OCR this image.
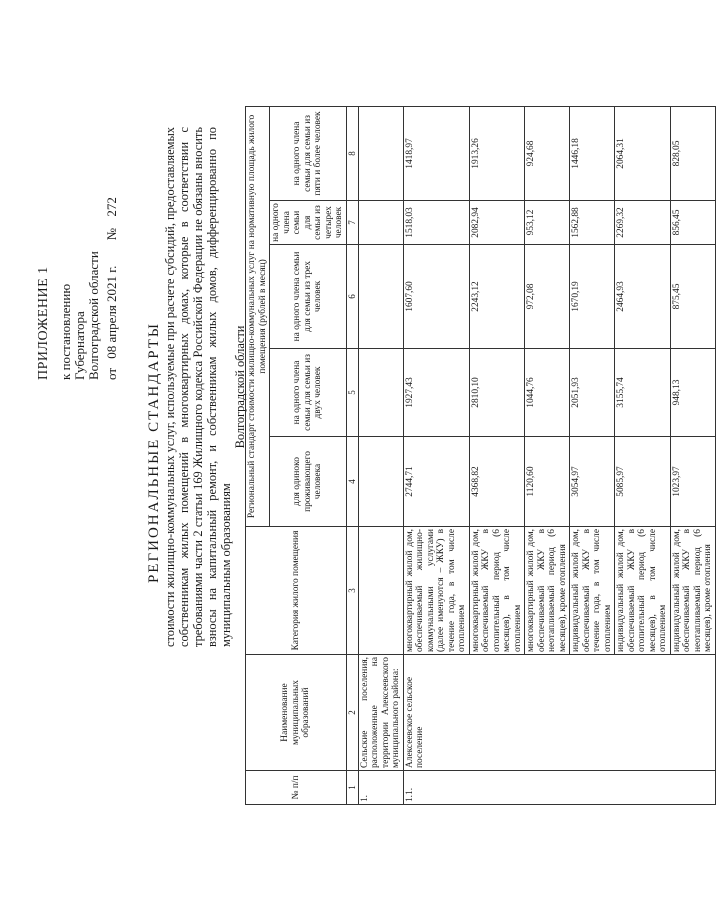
ПРИЛОЖЕНИЕ 1 к постановлению Губернатора Волгоградской области от 08 апреля 2021 г. № 272
РЕГИОНАЛЬНЫЕ СТАНДАРТЫ стоимости жилищно-коммунальных услуг, используемые при расчете субсидий, предоставляемых собственникам жилых помещений в многоквартирных домах, которые в соответствии с требованиями части 2 статьи 169 Жилищного кодекса Российской Федерации не обязаны вносить взносы на капитальный ремонт, и собственникам жилых домов, дифференцированно по муниципальным образованиям
Волгоградской области
№ п/п	Наименование муниципальных образований	Категория жилого помещения	Региональный стандарт стоимости жилищно-коммунальных услуг на нормативную площадь жилого помещения (рублей в месяц)				
			для одиноко проживающего человека	на одного члена семьи для семьи из двух человек	на одного члена семьи для семьи из трех человек	на одного члена семьи для семьи из четырех человек	на одного члена семьи для семьи из пяти и более человек
1	2	3	4	5	6	7	8
1.	Сельские поселения, расположенные на территории Алексеевского муниципального района:						
1.1.	Алексеевское сельское поселение	многоквартирный жилой дом, обеспечиваемый жилищно-коммунальными услугами (далее именуются – ЖКУ) в течение года, в том числе отоплением	2744,71	1927,43	1607,60	1518,03	1418,97
		многоквартирный жилой дом, обеспечиваемый ЖКУ в отопительный период (6 месяцев), в том числе отоплением	4368,82	2810,10	2243,12	2082,94	1913,26
		многоквартирный жилой дом, обеспечиваемый ЖКУ в неотапливаемый период (6 месяцев), кроме отопления	1120,60	1044,76	972,08	953,12	924,68
		индивидуальный жилой дом, обеспечиваемый ЖКУ в течение года, в том числе отоплением	3054,97	2051,93	1670,19	1562,88	1446,18
		индивидуальный жилой дом, обеспечиваемый ЖКУ в отопительный период (6 месяцев), в том числе отоплением	5085,97	3155,74	2464,93	2269,32	2064,31
		индивидуальный жилой дом, обеспечиваемый ЖКУ в неотапливаемый период (6 месяцев), кроме отопления	1023,97	948,13	875,45	856,45	828,05
